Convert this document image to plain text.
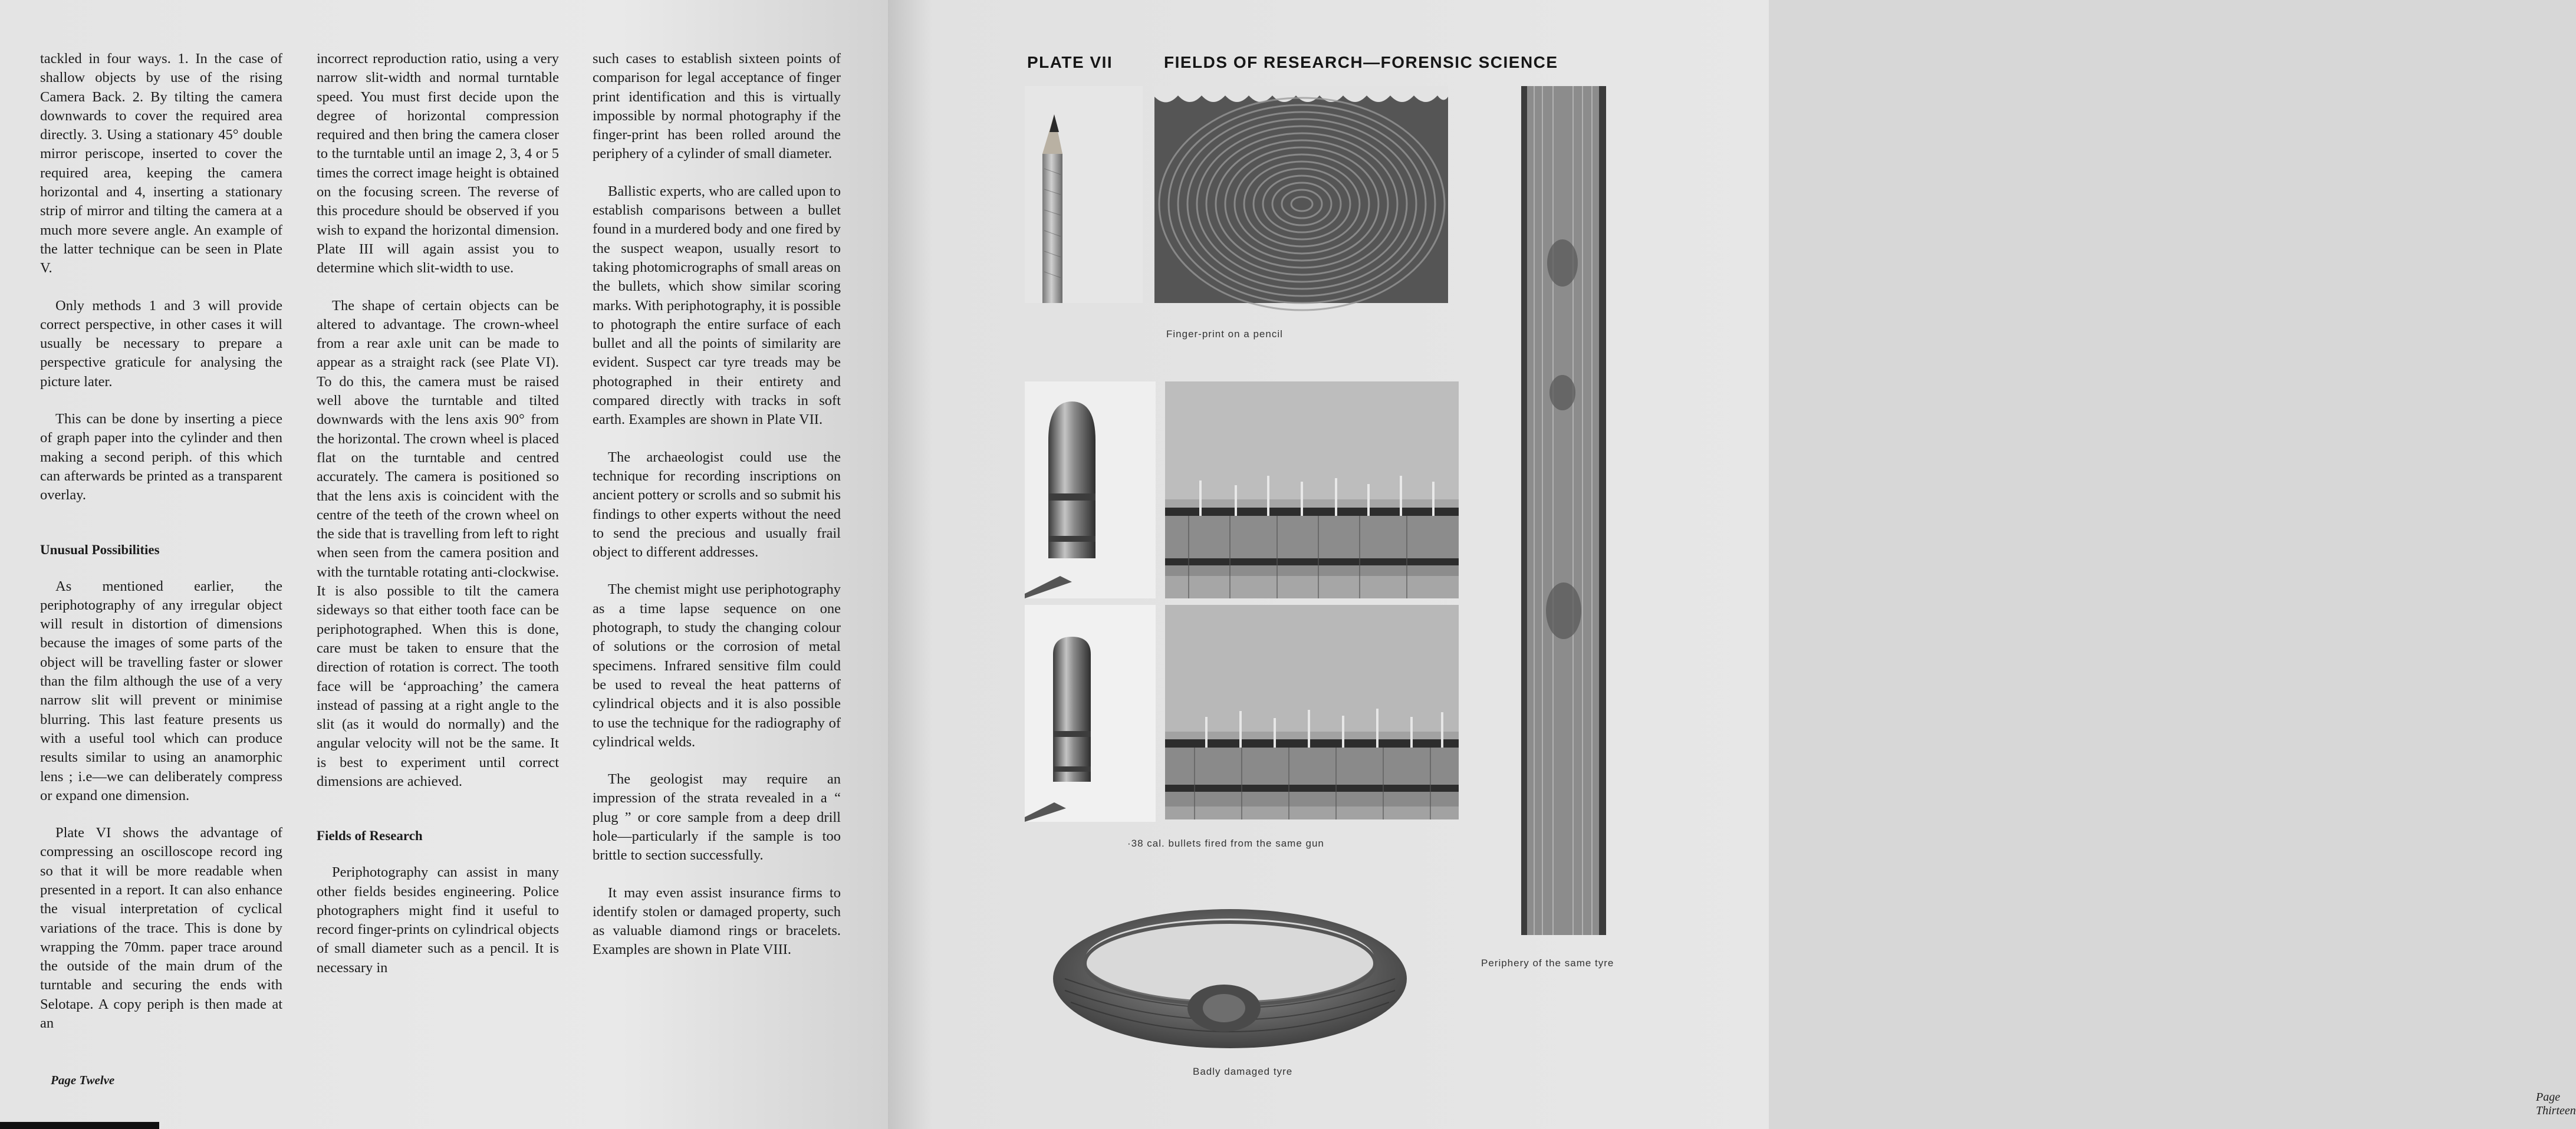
tackled in four ways. 1. In the case of shallow objects by use of the rising Camera Back. 2. By tilting the camera downwards to cover the required area directly. 3. Using a stationary 45° double mirror periscope, inserted to cover the required area, keeping the camera horizontal and 4, inserting a stationary strip of mirror and tilting the camera at a much more severe angle. An example of the latter technique can be seen in Plate V.

Only methods 1 and 3 will provide correct perspective, in other cases it will usually be necessary to prepare a perspective graticule for analysing the picture later.

This can be done by inserting a piece of graph paper into the cylinder and then making a second periph. of this which can afterwards be printed as a transparent overlay.

Unusual Possibilities

As mentioned earlier, the periphotography of any irregular object will result in distortion of dimensions because the images of some parts of the object will be travelling faster or slower than the film although the use of a very narrow slit will prevent or minimise blurring. This last feature presents us with a useful tool which can produce results similar to using an anamorphic lens ; i.e—we can deliberately compress or expand one dimension.

Plate VI shows the advantage of compressing an oscilloscope record ing so that it will be more readable when presented in a report. It can also enhance the visual interpretation of cyclical variations of the trace. This is done by wrapping the 70mm. paper trace around the outside of the main drum of the turntable and securing the ends with Selotape. A copy periph is then made at an

incorrect reproduction ratio, using a very narrow slit-width and normal turntable speed. You must first decide upon the degree of horizontal compression required and then bring the camera closer to the turntable until an image 2, 3, 4 or 5 times the correct image height is obtained on the focusing screen. The reverse of this procedure should be observed if you wish to expand the horizontal dimension. Plate III will again assist you to determine which slit-width to use.

The shape of certain objects can be altered to advantage. The crown-wheel from a rear axle unit can be made to appear as a straight rack (see Plate VI). To do this, the camera must be raised well above the turntable and tilted downwards with the lens axis 90° from the horizontal. The crown wheel is placed flat on the turntable and centred accurately. The camera is positioned so that the lens axis is coincident with the centre of the teeth of the crown wheel on the side that is travelling from left to right when seen from the camera position and with the turntable rotating anti-clockwise. It is also possible to tilt the camera sideways so that either tooth face can be periphotographed. When this is done, care must be taken to ensure that the direction of rotation is correct. The tooth face will be ‘approaching’ the camera instead of passing at a right angle to the slit (as it would do normally) and the angular velocity will not be the same. It is best to experiment until correct dimensions are achieved.

Fields of Research

Periphotography can assist in many other fields besides engineering. Police photographers might find it useful to record finger-prints on cylindrical objects of small diameter such as a pencil. It is necessary in

such cases to establish sixteen points of comparison for legal acceptance of finger print identification and this is virtually impossible by normal photography if the finger-print has been rolled around the periphery of a cylinder of small diameter.

Ballistic experts, who are called upon to establish comparisons between a bullet found in a murdered body and one fired by the suspect weapon, usually resort to taking photomicrographs of small areas on the bullets, which show similar scoring marks. With periphotography, it is possible to photograph the entire surface of each bullet and all the points of similarity are evident. Suspect car tyre treads may be photographed in their entirety and compared directly with tracks in soft earth. Examples are shown in Plate VII.

The archaeologist could use the technique for recording inscriptions on ancient pottery or scrolls and so submit his findings to other experts without the need to send the precious and usually frail object to different addresses.

The chemist might use periphotography as a time lapse sequence on one photograph, to study the changing colour of solutions or the corrosion of metal specimens. Infrared sensitive film could be used to reveal the heat patterns of cylindrical objects and it is also possible to use the technique for the radiography of cylindrical welds.

The geologist may require an impression of the strata revealed in a “ plug ” or core sample from a deep drill hole—particularly if the sample is too brittle to section successfully.

It may even assist insurance firms to identify stolen or damaged property, such as valuable diamond rings or bracelets. Examples are shown in Plate VIII.

Page Twelve
PLATE VII	FIELDS OF RESEARCH—FORENSIC SCIENCE
Finger-print on a pencil
·38 cal. bullets fired from the same gun
Badly damaged tyre
Periphery of the same tyre
Page Thirteen
